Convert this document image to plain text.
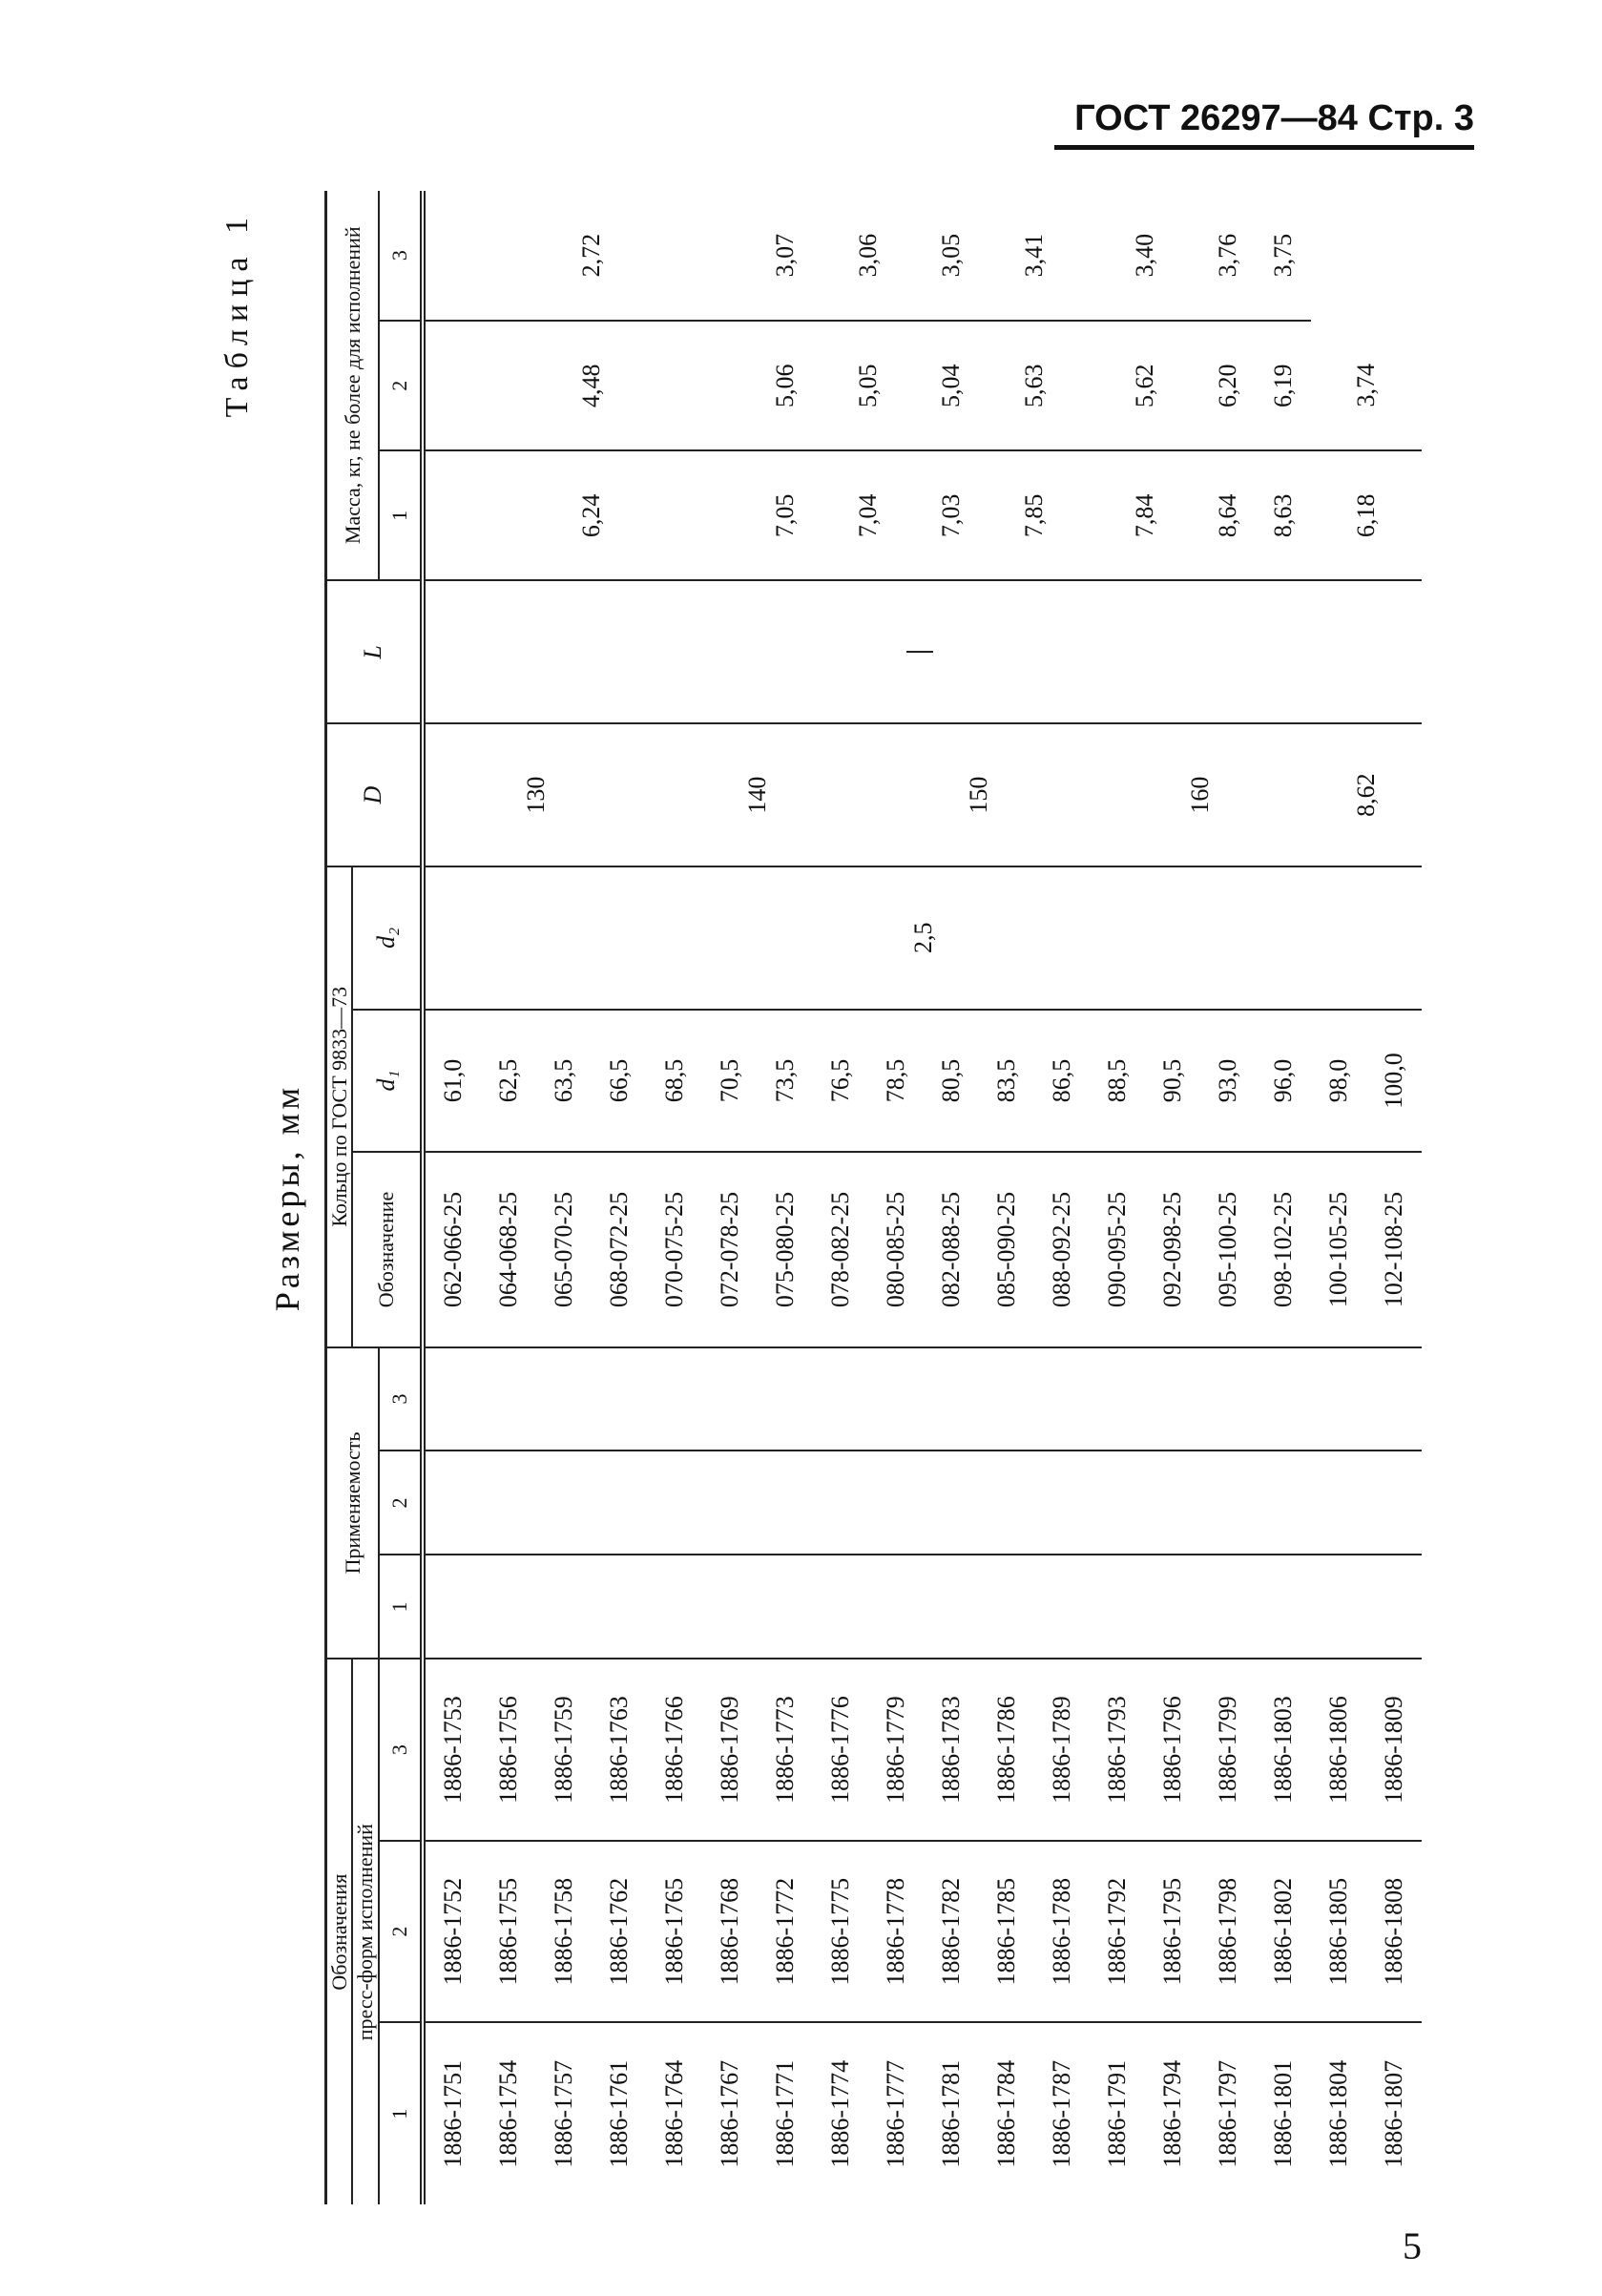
ГОСТ 26297—84 Стр. 3
Таблица 1
Размеры, мм
Обозначения			Применяемость			Кольцо по ГОСТ 9833—73			D	L	Масса, кг, не более для исполнений		
пресс-форм исполнений						Обозначение	d₁	d₂					
1	2	3	1	2	3						1	2	3
1886-1751	1886-1752	1886-1753				062-066-25	61,0	2,5	130		6,24	4,48	2,72
1886-1754	1886-1755	1886-1756				064-068-25	62,5						
1886-1757	1886-1758	1886-1759				065-070-25	63,5						
1886-1761	1886-1762	1886-1763				068-072-25	66,5						
1886-1764	1886-1765	1886-1766				070-075-25	68,5		140				
1886-1767	1886-1768	1886-1769				072-078-25	70,5						
1886-1771	1886-1772	1886-1773				075-080-25	73,5				7,05	5,06	3,07
1886-1774	1886-1775	1886-1776				078-082-25	76,5				7,04	5,05	3,06
1886-1777	1886-1778	1886-1779				080-085-25	78,5		150				
1886-1781	1886-1782	1886-1783				082-088-25	80,5				7,03	5,04	3,05
1886-1784	1886-1785	1886-1786				085-090-25	83,5				7,85	5,63	3,41
1886-1787	1886-1788	1886-1789				088-092-25	86,5						
1886-1791	1886-1792	1886-1793				090-095-25	88,5		160		7,84	5,62	3,40
1886-1794	1886-1795	1886-1796				092-098-25	90,5						
1886-1797	1886-1798	1886-1799				095-100-25	93,0				8,64	6,20	3,76
1886-1801	1886-1802	1886-1803				098-102-25	96,0				8,63	6,19	3,75
1886-1804	1886-1805	1886-1806				100-105-25	98,0		8,62		6,18	3,74	
1886-1807	1886-1808	1886-1809				102-108-25	100,0						
5
